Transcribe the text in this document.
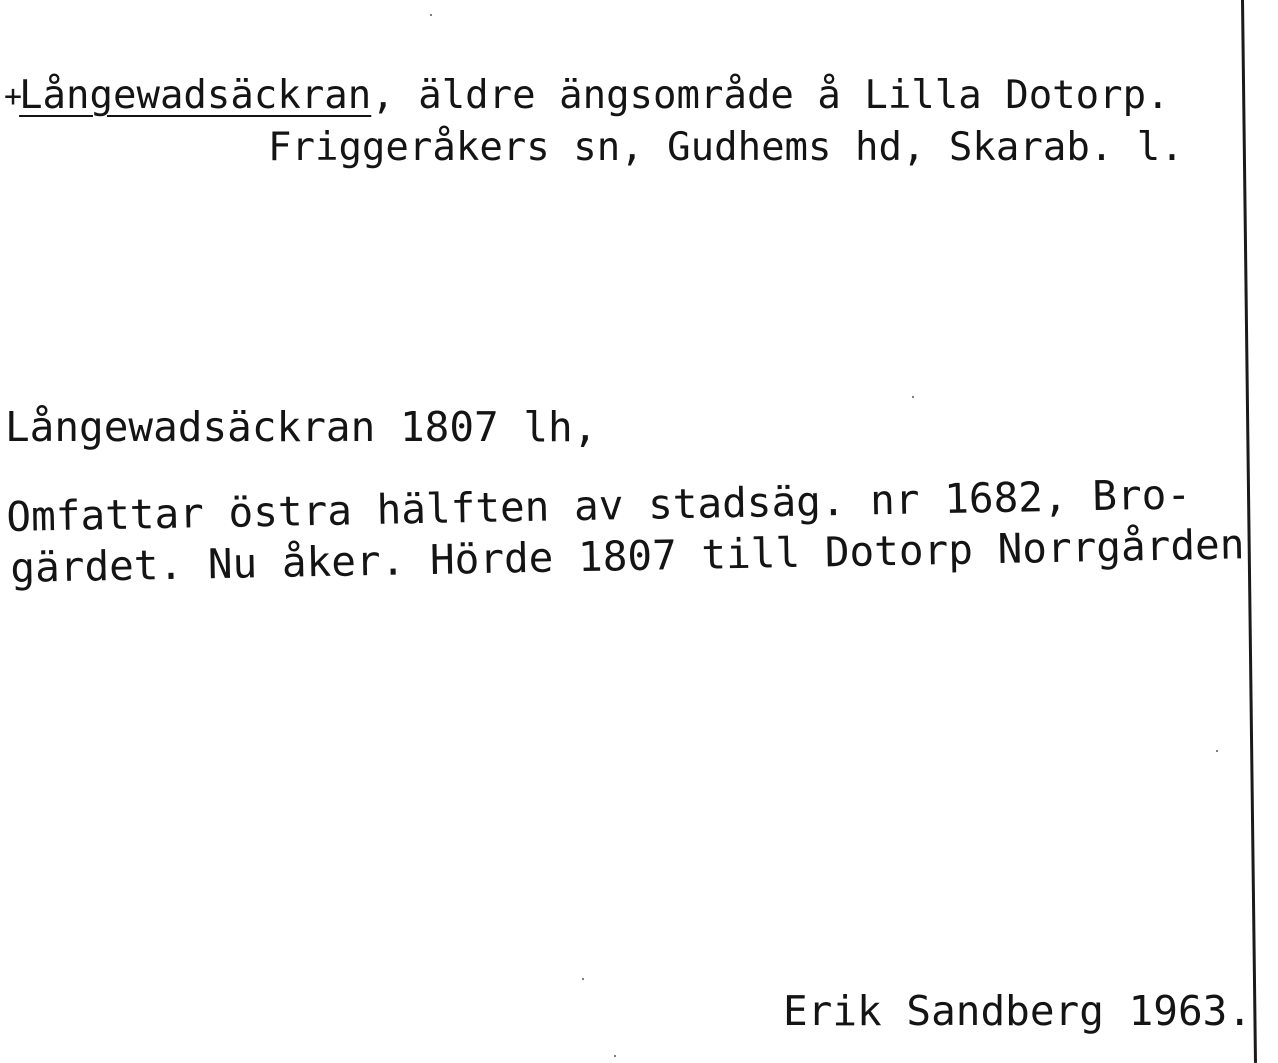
+Långewadsäckran, äldre ängsområde å Lilla Dotorp.
Friggeråkers sn, Gudhems hd, Skarab. l.
Långewadsäckran 1807 lh,
Omfattar östra hälften av stadsäg. nr 1682, Bro-
gärdet. Nu åker. Hörde 1807 till Dotorp Norrgården
Erik Sandberg 1963.
